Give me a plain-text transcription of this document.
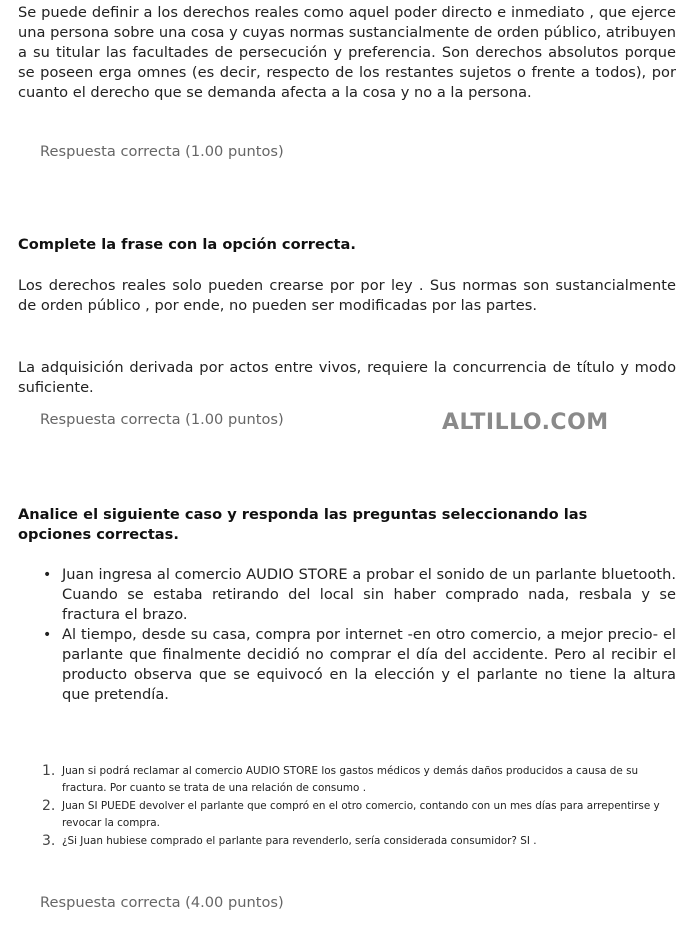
Se puede definir a los derechos reales como aquel poder directo e inmediato , que ejerce una persona sobre una cosa y cuyas normas sustancialmente de orden público, atribuyen a su titular las facultades de persecución y preferencia. Son derechos absolutos porque se poseen erga omnes (es decir, respecto de los restantes sujetos o frente a todos), por cuanto el derecho que se demanda afecta a la cosa y no a la persona.

Respuesta correcta (1.00 puntos)

Complete la frase con la opción correcta.

Los derechos reales solo pueden crearse por por ley . Sus normas son sustancialmente de orden público , por ende, no pueden ser modificadas por las partes.

La adquisición derivada por actos entre vivos, requiere la concurrencia de título y modo suficiente.

Respuesta correcta (1.00 puntos)

Analice el siguiente caso y responda las preguntas seleccionando las opciones correctas.

• Juan ingresa al comercio AUDIO STORE a probar el sonido de un parlante bluetooth. Cuando se estaba retirando del local sin haber comprado nada, resbala y se fractura el brazo.
• Al tiempo, desde su casa, compra por internet -en otro comercio, a mejor precio- el parlante que finalmente decidió no comprar el día del accidente. Pero al recibir el producto observa que se equivocó en la elección y el parlante no tiene la altura que pretendía.
1. Juan si podrá reclamar al comercio AUDIO STORE los gastos médicos y demás daños producidos a causa de su fractura. Por cuanto se trata de una relación de consumo .
2. Juan SI PUEDE devolver el parlante que compró en el otro comercio, contando con un mes días para arrepentirse y revocar la compra.
3. ¿Si Juan hubiese comprado el parlante para revenderlo, sería considerada consumidor? SI .

Respuesta correcta (4.00 puntos)

ALTILLO.COM
